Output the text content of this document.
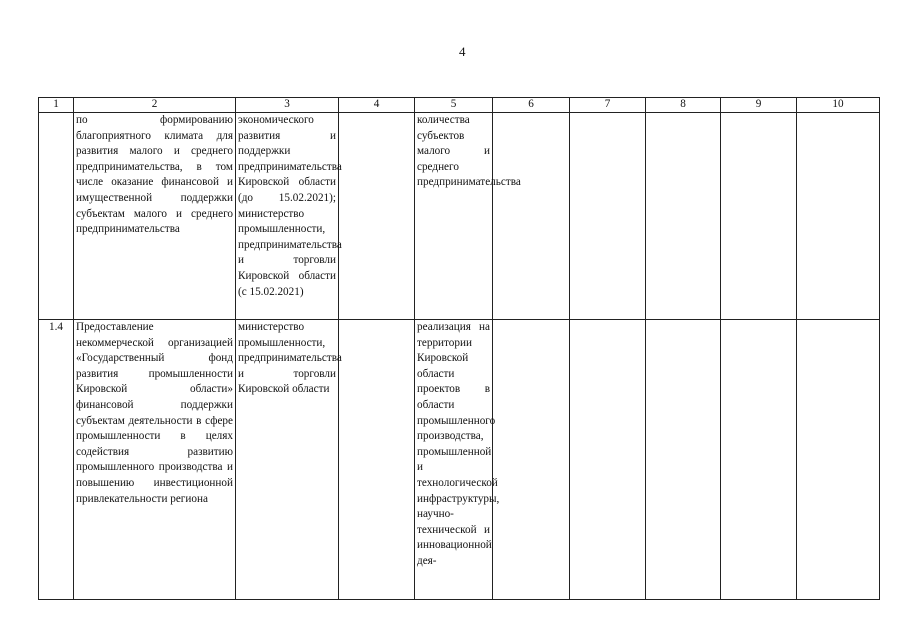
4
1	2	3	4	5	6	7	8	9	10
	по формированию благоприятного климата для развития малого и среднего предпринимательства, в том числе оказание финансовой и имущественной поддержки субъектам малого и среднего предпринимательства	экономического развития и поддержки предпринимательства Кировской области (до 15.02.2021); министерство промышленности, предпринимательства и торговли Кировской области (с 15.02.2021)		количества субъектов малого и среднего предпринимательства					
1.4	Предоставление некоммерческой организацией «Государственный фонд развития промышленности Кировской области» финансовой поддержки субъектам деятельности в сфере промышленности в целях содействия развитию промышленного производства и повышению инвестиционной привлекательности региона	министерство промышленности, предпринимательства и торговли Кировской области		реализация на территории Кировской области проектов в области промышленного производства, промышленной и технологической инфраструктуры, научно-технической и инновационной дея-					
